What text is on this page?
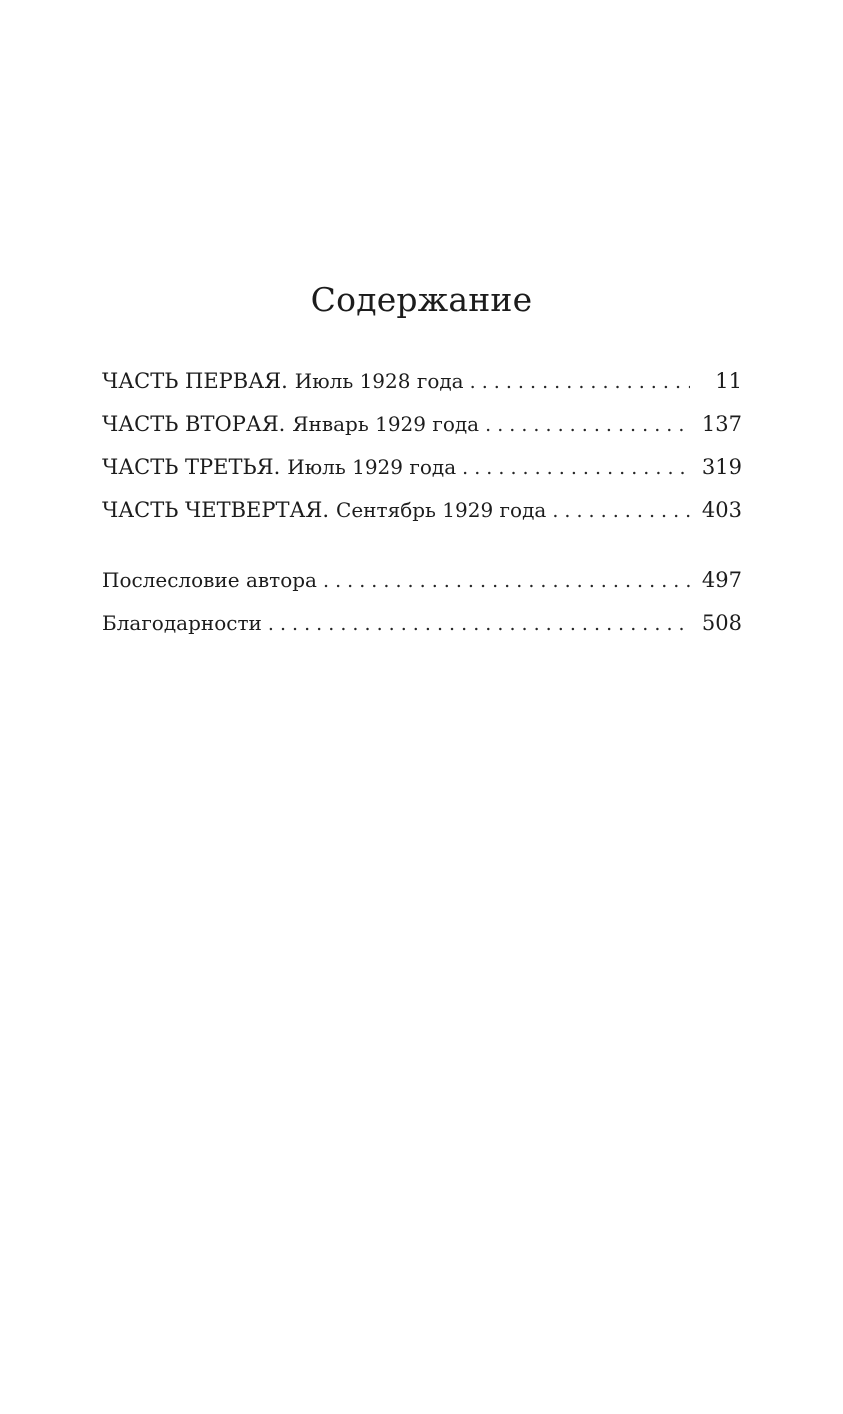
Содержание
ЧАСТЬ ПЕРВАЯ. Июль 1928 года . . .	11
ЧАСТЬ ВТОРАЯ. Январь 1929 года . . .	137
ЧАСТЬ ТРЕТЬЯ. Июль 1929 года . . .	319
ЧАСТЬ ЧЕТВЕРТАЯ. Сентябрь 1929 года . . .	403
Послесловие автора . . .	497
Благодарности . . .	508
